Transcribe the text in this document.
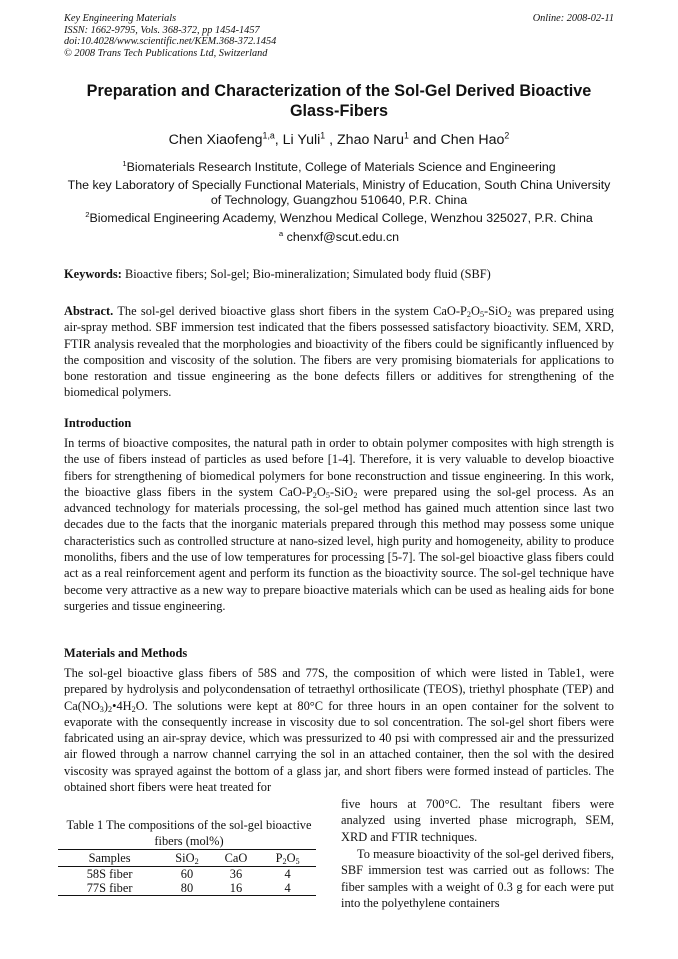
Key Engineering Materials
ISSN: 1662-9795, Vols. 368-372, pp 1454-1457
doi:10.4028/www.scientific.net/KEM.368-372.1454
© 2008 Trans Tech Publications Ltd, Switzerland
Online: 2008-02-11
Preparation and Characterization of the Sol-Gel Derived Bioactive Glass-Fibers
Chen Xiaofeng$^{1,a}$, Li Yuli$^1$ , Zhao Naru$^1$ and Chen Hao$^2$
$^1$Biomaterials Research Institute, College of Materials Science and Engineering
The key Laboratory of Specially Functional Materials, Ministry of Education, South China University of Technology, Guangzhou 510640, P.R. China
$^2$Biomedical Engineering Academy, Wenzhou Medical College, Wenzhou 325027, P.R. China
$^a$ chenxf@scut.edu.cn

Keywords: Bioactive fibers; Sol-gel; Bio-mineralization; Simulated body fluid (SBF)

Abstract. The sol-gel derived bioactive glass short fibers in the system CaO-$P_2O_5-SiO_2$ was prepared using air-spray method. SBF immersion test indicated that the fibers possessed satisfactory bioactivity. SEM, XRD, FTIR analysis revealed that the morphologies and bioactivity of the fibers could be significantly influenced by the composition and viscosity of the solution. The fibers are very promising biomaterials for applications to bone restoration and tissue engineering as the bone defects fillers or additives for strengthening of the biomedical polymers.

Introduction

In terms of bioactive composites, the natural path in order to obtain polymer composites with high strength is the use of fibers instead of particles as used before [1-4]. Therefore, it is very valuable to develop bioactive fibers for strengthening of biomedical polymers for bone reconstruction and tissue engineering. In this work, the bioactive glass fibers in the system CaO-$P_2O_5-SiO_2$ were prepared using the sol-gel process. As an advanced technology for materials processing, the sol-gel method has gained much attention since last two decades due to the facts that the inorganic materials prepared through this method may possess some unique characteristics such as controlled structure at nano-sized level, high purity and homogeneity, ability to produce monoliths, fibers and the use of low temperatures for processing [5-7]. The sol-gel bioactive glass fibers could act as a real reinforcement agent and perform its function as the bioactivity source. The sol-gel technique have become very attractive as a new way to prepare bioactive materials which can be used as healing aids for bone surgeries and tissue engineering.

Materials and Methods

The sol-gel bioactive glass fibers of 58S and 77S, the composition of which were listed in Table1, were prepared by hydrolysis and polycondensation of tetraethyl orthosilicate (TEOS), triethyl phosphate (TEP) and $Ca(NO_3)_2•4H_2O$. The solutions were kept at 80°C for three hours in an open container for the solvent to evaporate with the consequently increase in viscosity due to sol concentration. The sol-gel short fibers were fabricated using an air-spray device, which was pressurized to 40 psi with compressed air and the pressurized air flowed through a narrow channel carrying the sol in an attached container, then the sol with the desired viscosity was sprayed against the bottom of a glass jar, and short fibers were formed instead of particles. The obtained short fibers were heat treated for

five hours at 700°C. The resultant fibers were analyzed using inverted phase micrograph, SEM, XRD and FTIR techniques.

To measure bioactivity of the sol-gel derived fibers, SBF immersion test was carried out as follows: The fiber samples with a weight of 0.3 g for each were put into the polyethylene containers

Table 1 The compositions of the sol-gel bioactive fibers (mol%)
Samples	SiO$_2$	CaO	$P_2O_5$
58S fiber	60	36	4
77S fiber	80	16	4
